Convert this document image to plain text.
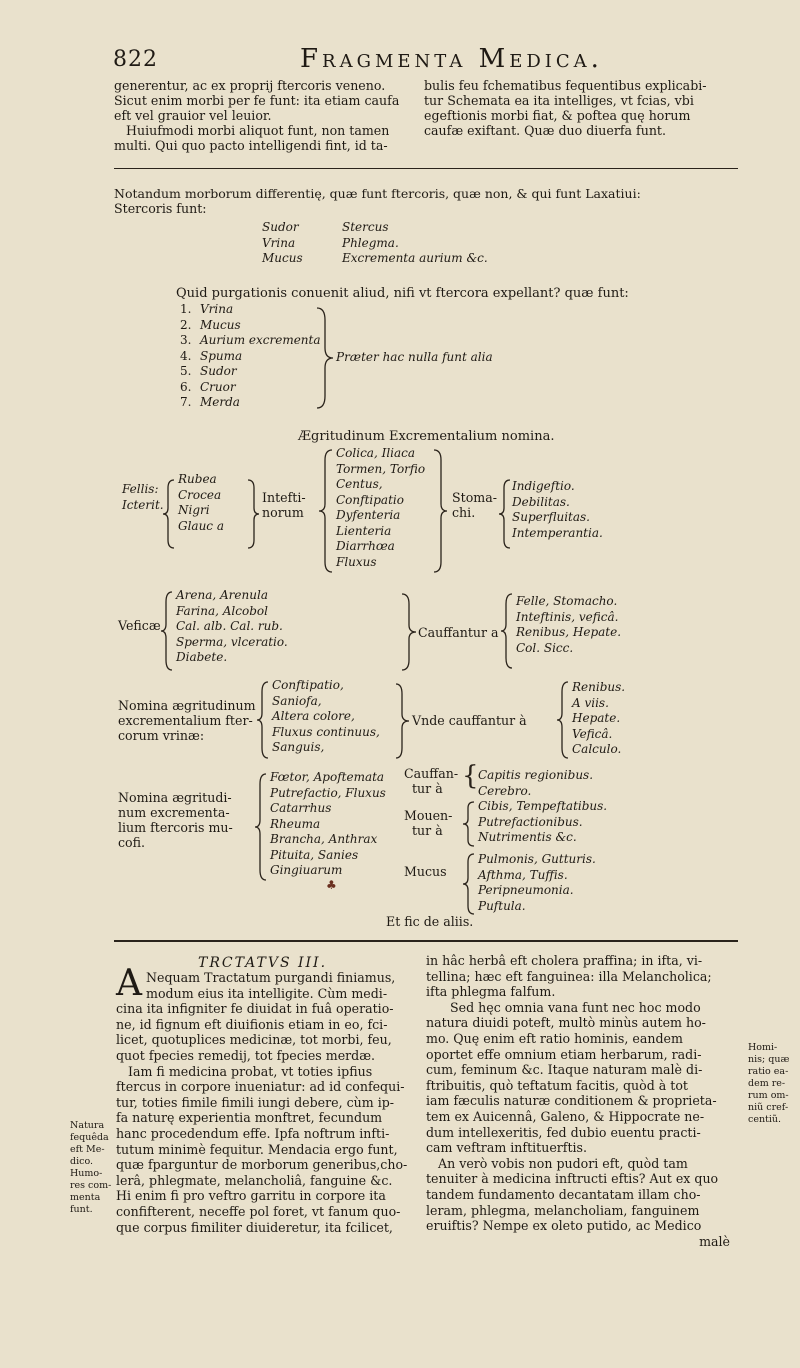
822	Fragmenta Medica.
generentur, ac ex proprij ftercoris veneno.
Sicut enim morbi per fe funt: ita etiam caufa
eft vel grauior vel leuior.
Huiufmodi morbi aliquot funt, non tamen
multi. Qui quo pacto intelligendi fint, id ta-
bulis feu fchematibus fequentibus explicabi-
tur Schemata ea ita intelliges, vt fcias, vbi
egeftionis morbi fiat, & poftea quę horum
caufæ exiftant. Quæ duo diuerfa funt.
Notandum morborum differentię, quæ funt ftercoris, quæ non, & qui funt Laxatiui:
Stercoris funt:
Sudor
Vrina
Mucus
Stercus
Phlegma.
Excrementa aurium &c.
Quid purgationis conuenit aliud, nifi vt ftercora expellant? quæ funt:
1.
2.
3.
4.
5.
6.
7.
Vrina
Mucus
Aurium excrementa
Spuma
Sudor
Cruor
Merda
Præter hac nulla funt alia
Ægritudinum Excrementalium nomina.
Fellis:
Icterit.
Rubea
Crocea
Nigri
Glauc a
Intefti-
norum
Colica, Iliaca
Tormen, Torfio
Centus,
Conftipatio
Dyfenteria
Lienteria
Diarrhœa
Fluxus
Stoma-
chi.
Indigeftio.
Debilitas.
Superfluitas.
Intemperantia.
Veficæ
Arena, Arenula
Farina, Alcobol
Cal. alb. Cal. rub.
Sperma, vlceratio.
Diabete.
Cauffantur a
Felle, Stomacho.
Inteftinis, veficâ.
Renibus, Hepate.
Col. Sicc.
Nomina ægritudinum
excrementalium fter-
corum vrinæ:
Conftipatio,
Saniofa,
Altera colore,
Fluxus continuus,
Sanguis,
Vnde cauffantur à
Renibus.
A viis.
Hepate.
Veficâ.
Calculo.
Nomina ægritudi-
num excrementa-
lium ftercoris mu-
cofi.
Fœtor, Apoftemata
Putrefactio, Fluxus
Catarrhus
Rheuma
Brancha, Anthrax
Pituita, Sanies
Gingiuarum
♣
Cauffan-
tur à { Capitis regionibus.
Cerebro.
Mouen-
tur à
Cibis, Tempeftatibus.
Putrefactionibus.
Nutrimentis &c.
Mucus
Pulmonis, Gutturis.
Afthma, Tuffis.
Peripneumonia.
Puftula.
Et fic de aliis.
TRCTATVS III.
A Nequam Tractatum purgandi finiamus,
modum eius ita intelligite. Cùm medi-
cina ita infigniter fe diuidat in fuâ operatio-
ne, id fignum eft diuifionis etiam in eo, fci-
licet, quotuplices medicinæ, tot morbi, feu,
quot fpecies remedij, tot fpecies merdæ.
Iam fi medicina probat, vt toties ipfius
ftercus in corpore inueniatur: ad id confequi-
tur, toties fimile fimili iungi debere, cùm ip-
fa naturę experientia monftret, fecundum
hanc procedendum effe. Ipfa noftrum infti-
tutum minimè fequitur. Mendacia ergo funt,
quæ fparguntur de morborum generibus,cho-
lerâ, phlegmate, melancholiâ, fanguine &c.
Hi enim fi pro veftro garritu in corpore ita
confifterent, neceffe pol foret, vt fanum quo-
que corpus fimiliter diuideretur, ita fcilicet,
in hâc herbâ eft cholera praffina; in ifta, vi-
tellina; hæc eft fanguinea: illa Melancholica;
ifta phlegma falfum.
Sed hęc omnia vana funt nec hoc modo
natura diuidi poteft, multò minùs autem ho-
mo. Quę enim eft ratio hominis, eandem
oportet effe omnium etiam herbarum, radi-
cum, feminum &c. Itaque naturam malè di-
ftribuitis, quò teftatum facitis, quòd à tot
iam fæculis naturæ conditionem & proprieta-
tem ex Auicennâ, Galeno, & Hippocrate ne-
dum intellexeritis, fed dubio euentu practi-
cam veftram inftituerftis.
An verò vobis non pudori eft, quòd tam
tenuiter à medicina inftructi eftis? Aut ex quo
tandem fundamento decantatam illam cho-
leram, phlegma, melancholiam, fanguinem
eruiftis? Nempe ex oleto putido, ac Medico
malè
Natura
fequêda
eft Me-
dico.
Humo-
res com-
menta
funt.
Homi-
nis; quæ
ratio ea-
dem re-
rum om-
niũ cref-
centiũ.
